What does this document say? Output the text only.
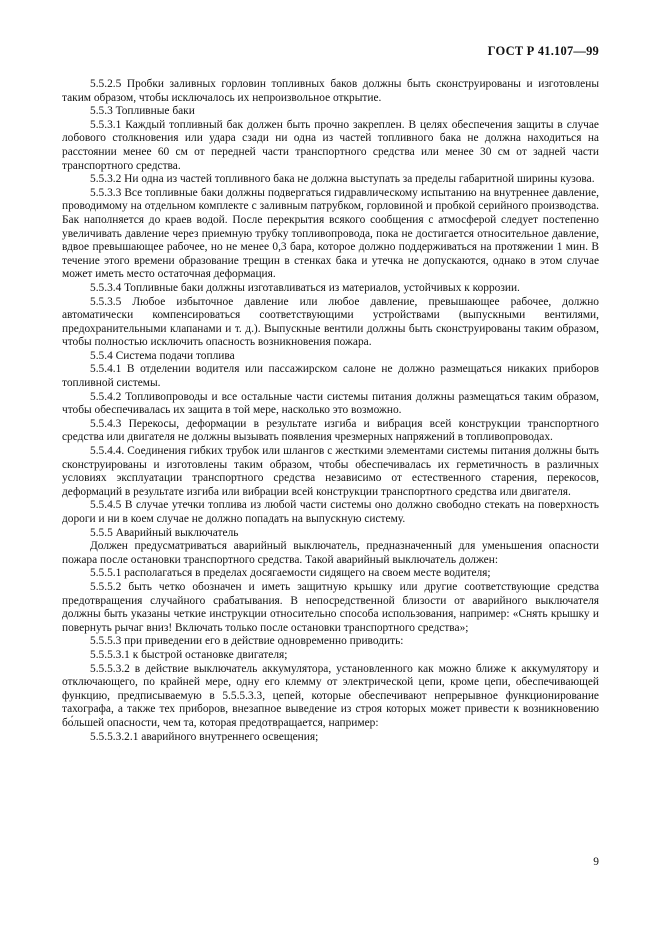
ГОСТ Р 41.107—99

5.5.2.5 Пробки заливных горловин топливных баков должны быть сконструированы и изготовлены таким образом, чтобы исключалось их непроизвольное открытие.

5.5.3 Топливные баки

5.5.3.1 Каждый топливный бак должен быть прочно закреплен. В целях обеспечения защиты в случае лобового столкновения или удара сзади ни одна из частей топливного бака не должна находиться на расстоянии менее 60 см от передней части транспортного средства или менее 30 см от задней части транспортного средства.

5.5.3.2 Ни одна из частей топливного бака не должна выступать за пределы габаритной ширины кузова.

5.5.3.3 Все топливные баки должны подвергаться гидравлическому испытанию на внутреннее давление, проводимому на отдельном комплекте с заливным патрубком, горловиной и пробкой серийного производства. Бак наполняется до краев водой. После перекрытия всякого сообщения с атмосферой следует постепенно увеличивать давление через приемную трубку топливопровода, пока не достигается относительное давление, вдвое превышающее рабочее, но не менее 0,3 бара, которое должно поддерживаться на протяжении 1 мин. В течение этого времени образование трещин в стенках бака и утечка не допускаются, однако в этом случае может иметь место остаточная деформация.

5.5.3.4 Топливные баки должны изготавливаться из материалов, устойчивых к коррозии.

5.5.3.5 Любое избыточное давление или любое давление, превышающее рабочее, должно автоматически компенсироваться соответствующими устройствами (выпускными вентилями, предохранительными клапанами и т. д.). Выпускные вентили должны быть сконструированы таким образом, чтобы полностью исключить опасность возникновения пожара.

5.5.4 Система подачи топлива

5.5.4.1 В отделении водителя или пассажирском салоне не должно размещаться никаких приборов топливной системы.

5.5.4.2 Топливопроводы и все остальные части системы питания должны размещаться таким образом, чтобы обеспечивалась их защита в той мере, насколько это возможно.

5.5.4.3 Перекосы, деформации в результате изгиба и вибрация всей конструкции транспортного средства или двигателя не должны вызывать появления чрезмерных напряжений в топливопроводах.

5.5.4.4. Соединения гибких трубок или шлангов с жесткими элементами системы питания должны быть сконструированы и изготовлены таким образом, чтобы обеспечивалась их герметичность в различных условиях эксплуатации транспортного средства независимо от естественного старения, перекосов, деформаций в результате изгиба или вибрации всей конструкции транспортного средства или двигателя.

5.5.4.5 В случае утечки топлива из любой части системы оно должно свободно стекать на поверхность дороги и ни в коем случае не должно попадать на выпускную систему.

5.5.5 Аварийный выключатель

Должен предусматриваться аварийный выключатель, предназначенный для уменьшения опасности пожара после остановки транспортного средства. Такой аварийный выключатель должен:

5.5.5.1 располагаться в пределах досягаемости сидящего на своем месте водителя;

5.5.5.2 быть четко обозначен и иметь защитную крышку или другие соответствующие средства предотвращения случайного срабатывания. В непосредственной близости от аварийного выключателя должны быть указаны четкие инструкции относительно способа использования, например: «Снять крышку и повернуть рычаг вниз! Включать только после остановки транспортного средства»;

5.5.5.3 при приведении его в действие одновременно приводить:

5.5.5.3.1 к быстрой остановке двигателя;

5.5.5.3.2 в действие выключатель аккумулятора, установленного как можно ближе к аккумулятору и отключающего, по крайней мере, одну его клемму от электрической цепи, кроме цепи, обеспечивающей функцию, предписываемую в 5.5.5.3.3, цепей, которые обеспечивают непрерывное функционирование тахографа, а также тех приборов, внезапное выведение из строя которых может привести к возникновению бо́льшей опасности, чем та, которая предотвращается, например:

5.5.5.3.2.1 аварийного внутреннего освещения;

9
